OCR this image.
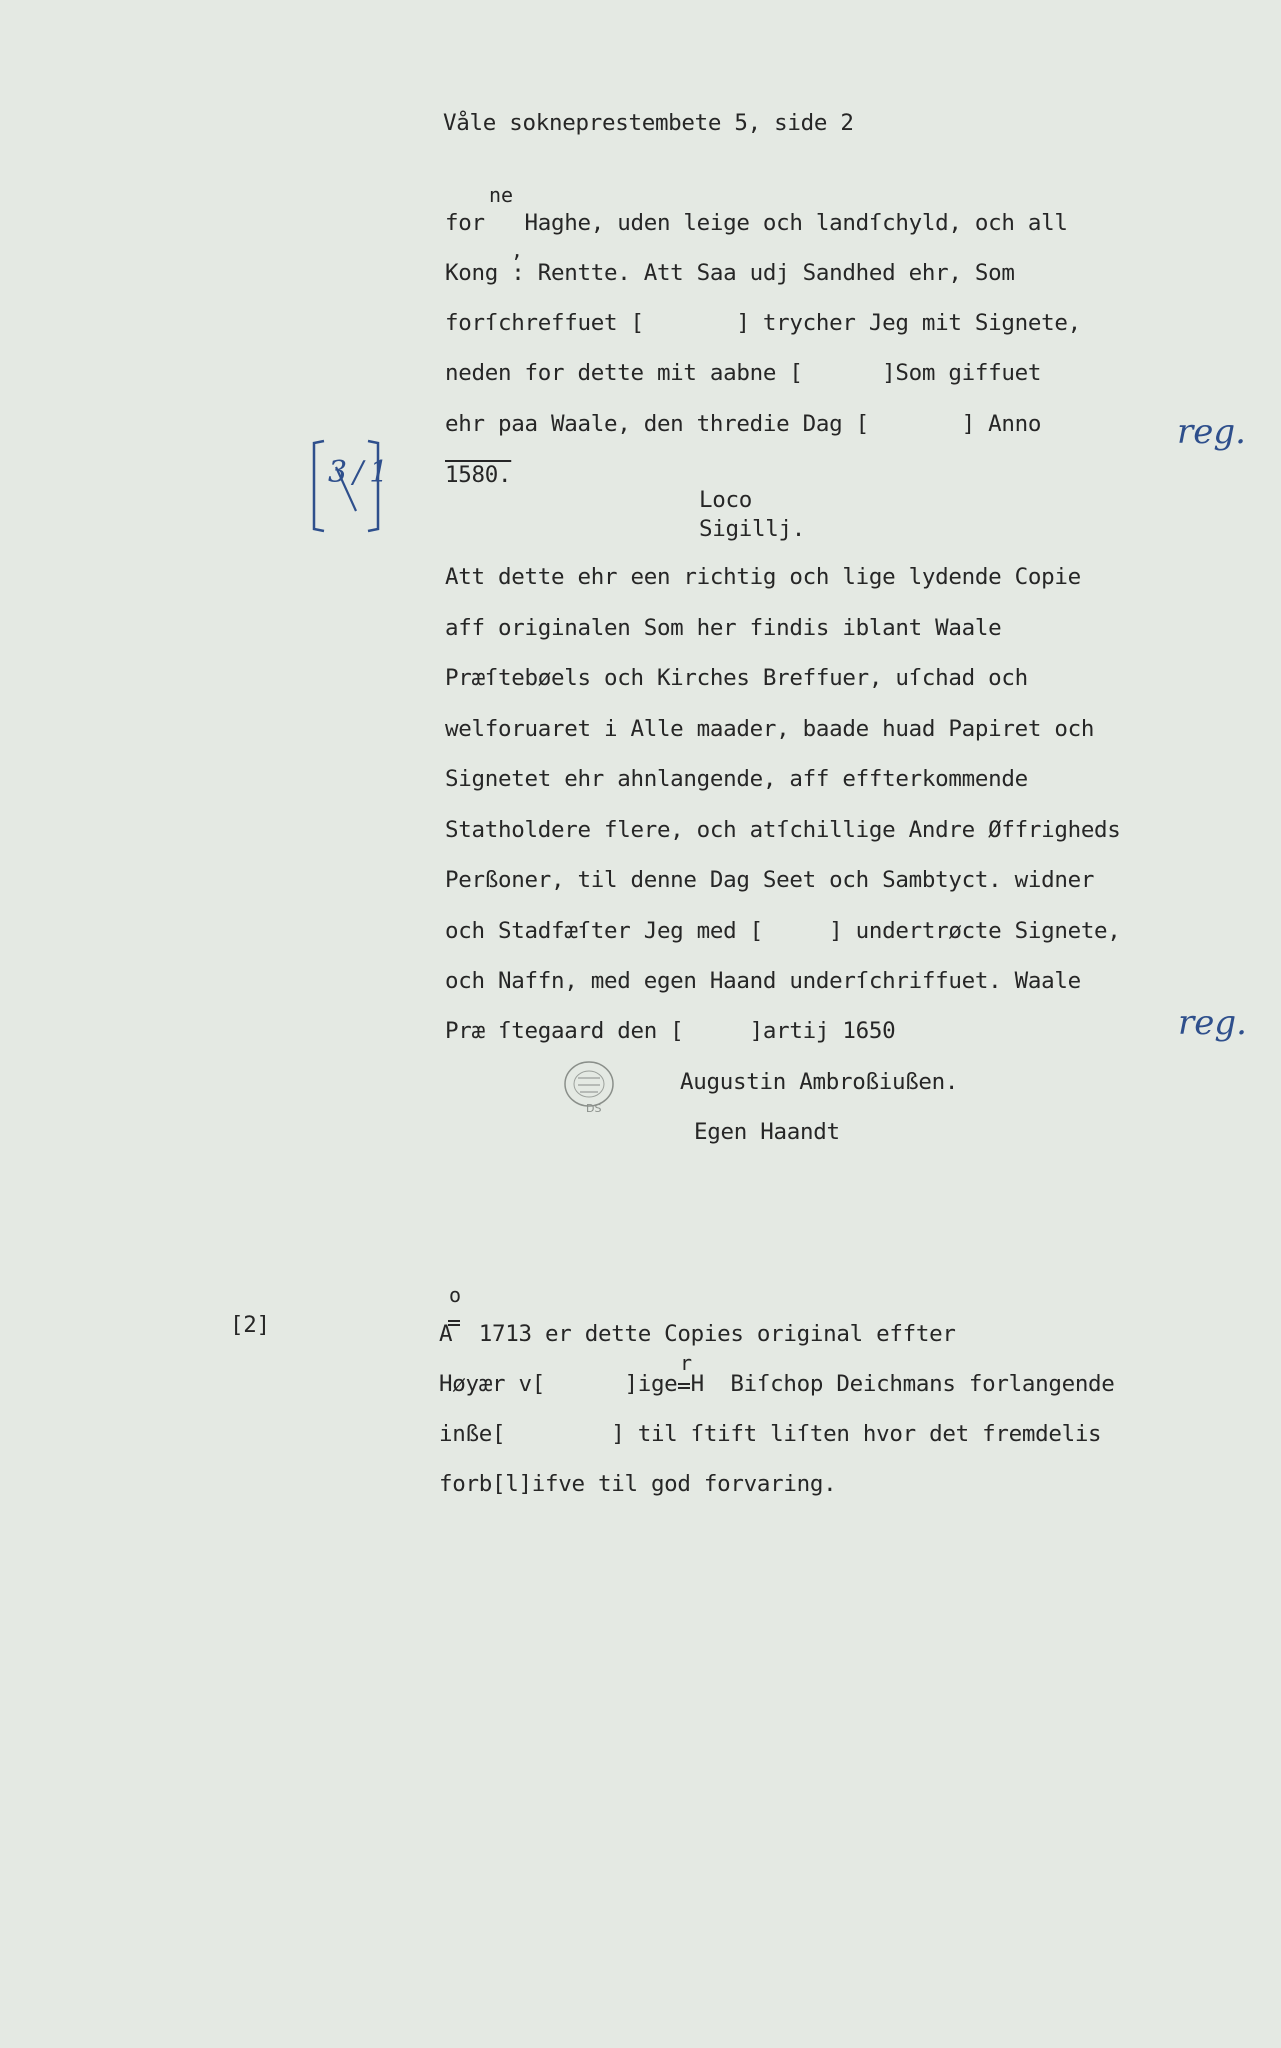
Våle sokneprestembete 5, side 2
ne
for   Haghe, uden leige och landſchyld, och all
,
Kong : Rentte. Att Saa udj Sandhed ehr, Som
forſchreffuet [       ] trycher Jeg mit Signete,
neden for dette mit aabne [      ]Som giffuet
ehr paa Waale, den thredie Dag [       ] Anno
1580.
Loco
Sigillj.
Att dette ehr een richtig och lige lydende Copie
aff originalen Som her findis iblant Waale
Præſtebøels och Kirches Breffuer, uſchad och
welforuaret i Alle maader, baade huad Papiret och
Signetet ehr ahnlangende, aff effterkommende
Statholdere flere, och atſchillige Andre Øffrigheds
Perßoner, til denne Dag Seet och Sambtyct. widner
och Stadfæſter Jeg med [     ] undertrøcte Signete,
och Naffn, med egen Haand underſchriffuet. Waale
Præ ſtegaard den [     ]artij 1650
Augustin Ambroßiußen.
Egen Haandt
DS
[2]
o
A  1713 er dette Copies original effter
r
Høyær v[      ]ige H  Biſchop Deichmans forlangende
inße[        ] til ſtift liſten hvor det fremdelis
forb[l]ifve til god forvaring.
3/1
reg.
reg.
